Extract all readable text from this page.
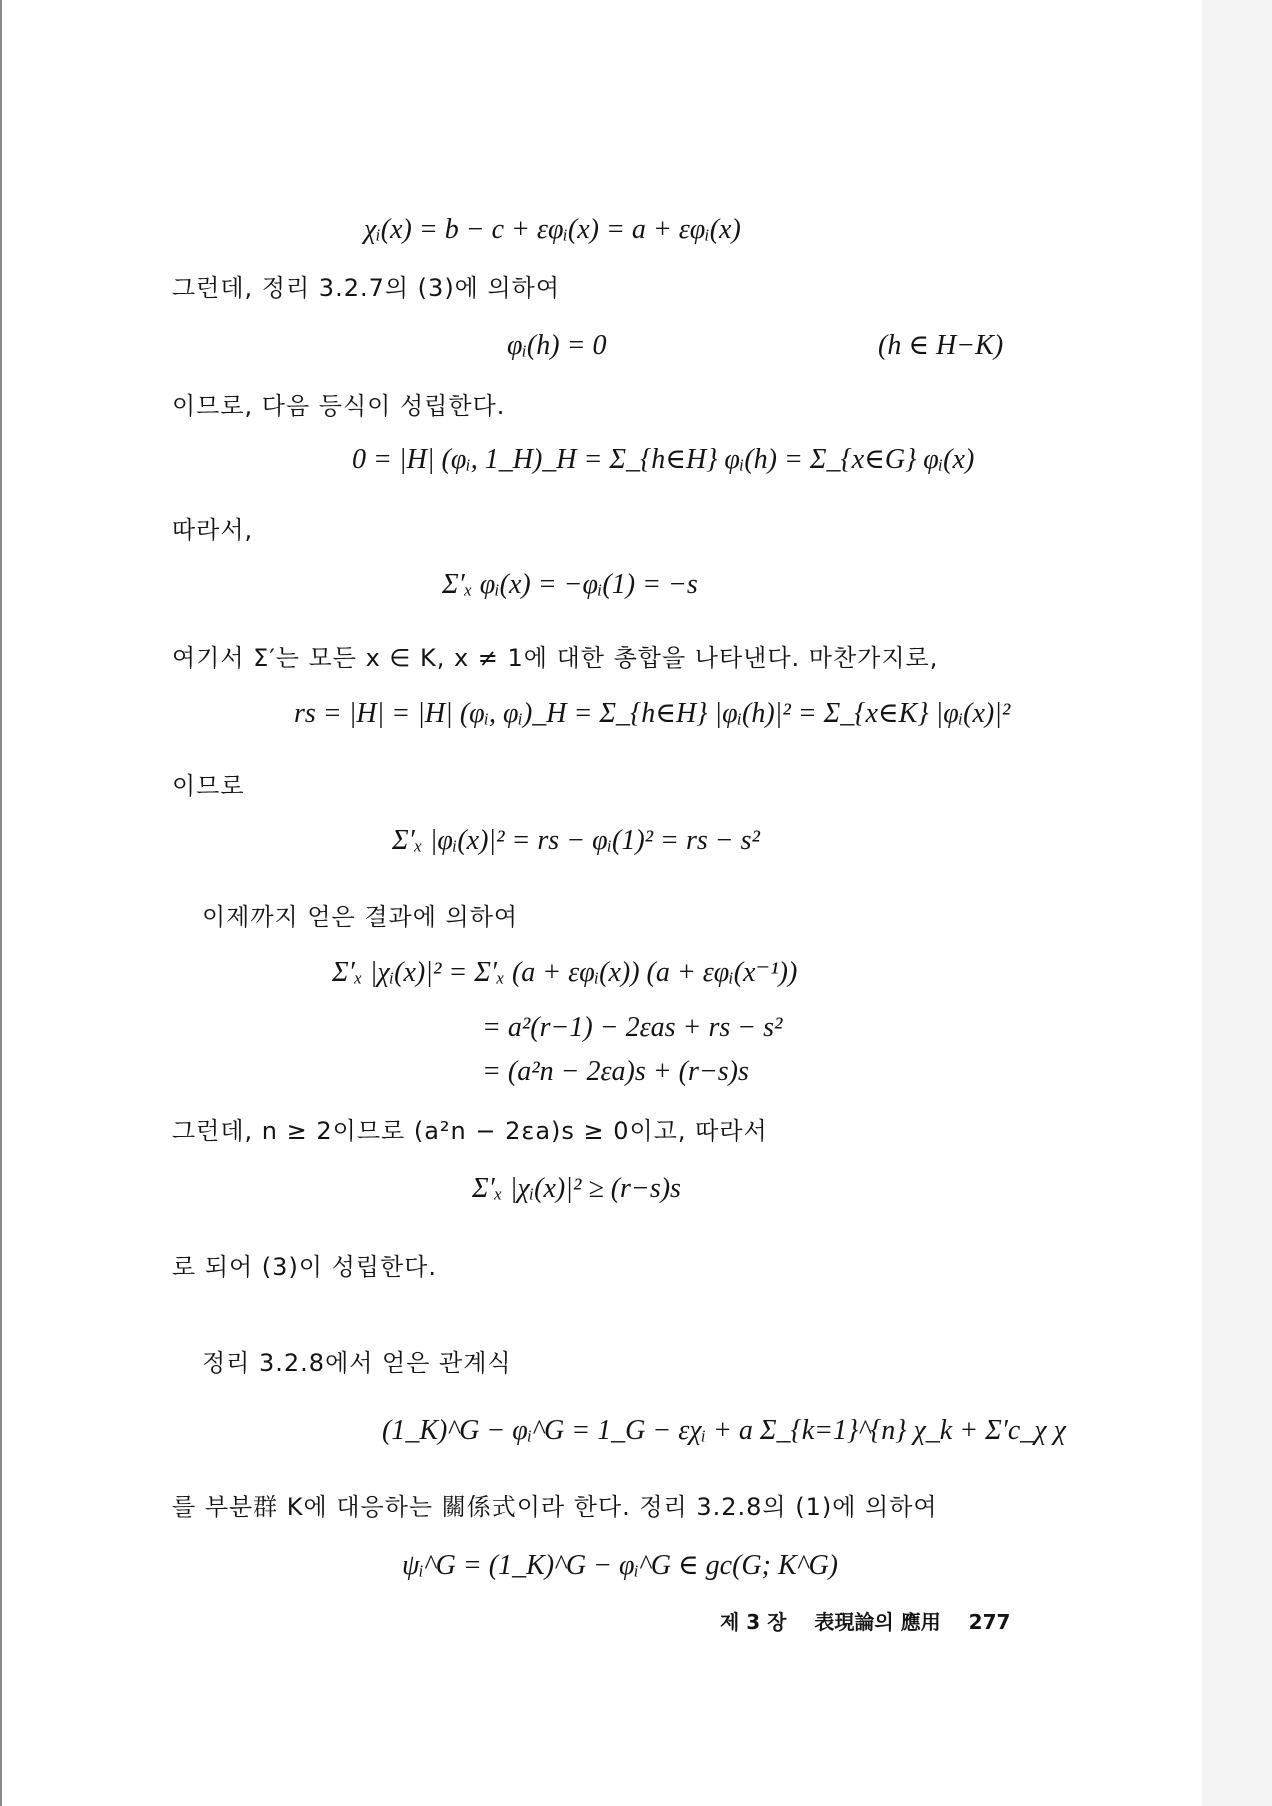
χᵢ(x) = b − c + εφᵢ(x) = a + εφᵢ(x)
그런데, 정리 3.2.7의 (3)에 의하여
φᵢ(h) = 0	(h ∈ H−K)
이므로, 다음 등식이 성립한다.
0 = |H| (φᵢ, 1_H)_H = Σ_{h∈H} φᵢ(h) = Σ_{x∈G} φᵢ(x)
따라서,
Σ′ₓ φᵢ(x) = −φᵢ(1) = −s
여기서 Σ′는 모든 x ∈ K, x ≠ 1에 대한 총합을 나타낸다. 마찬가지로,
rs = |H| = |H| (φᵢ, φᵢ)_H = Σ_{h∈H} |φᵢ(h)|² = Σ_{x∈K} |φᵢ(x)|²
이므로
Σ′ₓ |φᵢ(x)|² = rs − φᵢ(1)² = rs − s²
이제까지 얻은 결과에 의하여
Σ′ₓ |χᵢ(x)|² = Σ′ₓ (a + εφᵢ(x)) (a + εφᵢ(x⁻¹))
= a²(r−1) − 2εas + rs − s²
= (a²n − 2εa)s + (r−s)s
그런데, n ≥ 2이므로 (a²n − 2εa)s ≥ 0이고, 따라서
Σ′ₓ |χᵢ(x)|² ≥ (r−s)s
로 되어 (3)이 성립한다.
정리 3.2.8에서 얻은 관계식
(1_K)^G − φᵢ^G = 1_G − εχᵢ + a Σ_{k=1}^{n} χ_k + Σ′c_χ χ
를 부분群 K에 대응하는 關係式이라 한다. 정리 3.2.8의 (1)에 의하여
ψᵢ^G = (1_K)^G − φᵢ^G ∈ gc(G; K^G)
제 3 장 表現論의 應用 277
